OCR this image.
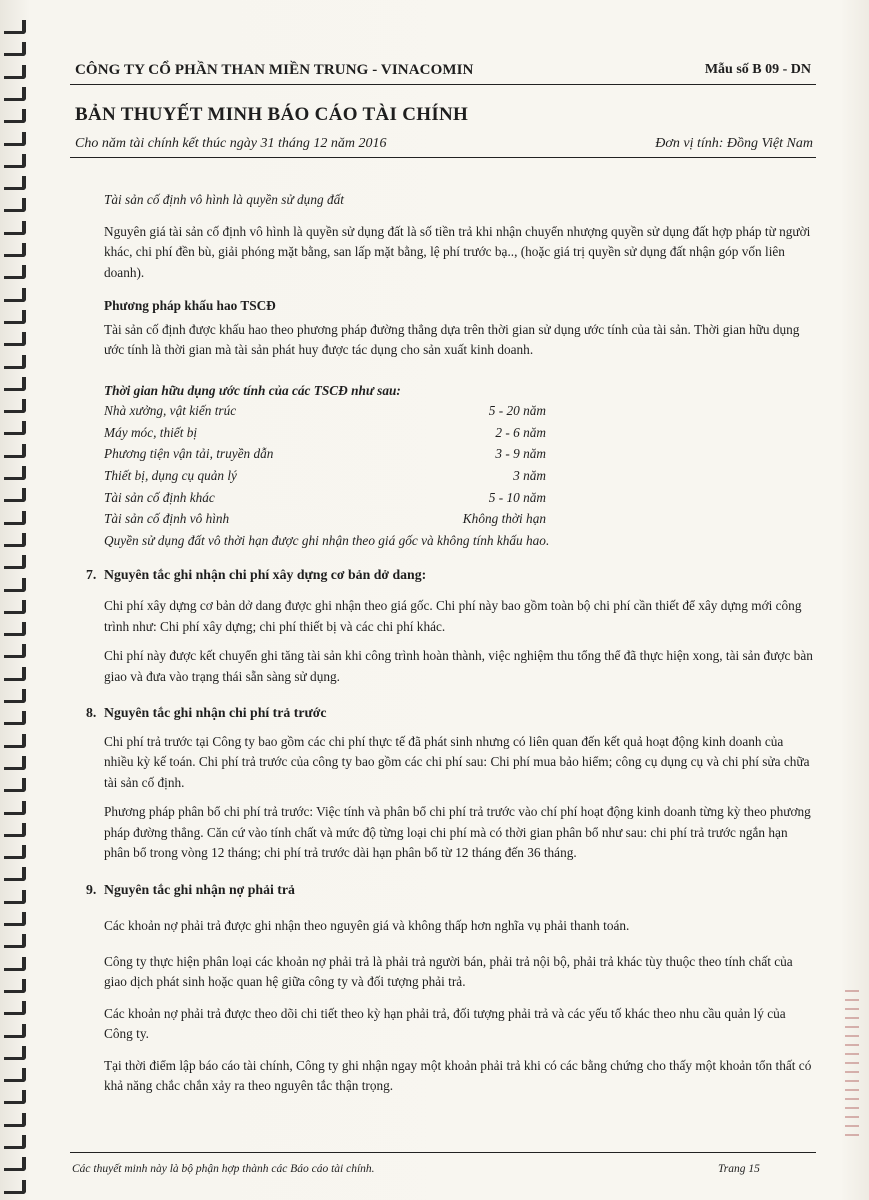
CÔNG TY CỔ PHẦN THAN MIỀN TRUNG - VINACOMIN	Mẫu số B 09 - DN
BẢN THUYẾT MINH BÁO CÁO TÀI CHÍNH
Cho năm tài chính kết thúc ngày 31 tháng 12 năm 2016	Đơn vị tính: Đồng Việt Nam

Tài sản cố định vô hình là quyền sử dụng đất

Nguyên giá tài sản cố định vô hình là quyền sử dụng đất là số tiền trả khi nhận chuyển nhượng quyền sử dụng đất hợp pháp từ người khác, chi phí đền bù, giải phóng mặt bằng, san lấp mặt bằng, lệ phí trước bạ.., (hoặc giá trị quyền sử dụng đất nhận góp vốn liên doanh).

Phương pháp khấu hao TSCĐ

Tài sản cố định được khấu hao theo phương pháp đường thẳng dựa trên thời gian sử dụng ước tính của tài sản. Thời gian hữu dụng ước tính là thời gian mà tài sản phát huy được tác dụng cho sản xuất kinh doanh.

Thời gian hữu dụng ước tính của các TSCĐ như sau:

Nhà xưởng, vật kiến trúc	5 - 20 năm
Máy móc, thiết bị	2 - 6 năm
Phương tiện vận tải, truyền dẫn	3 - 9 năm
Thiết bị, dụng cụ quản lý	3 năm
Tài sản cố định khác	5 - 10 năm
Tài sản cố định vô hình	Không thời hạn

Quyền sử dụng đất vô thời hạn được ghi nhận theo giá gốc và không tính khấu hao.

7. Nguyên tắc ghi nhận chi phí xây dựng cơ bản dở dang:

Chi phí xây dựng cơ bản dở dang được ghi nhận theo giá gốc. Chi phí này bao gồm toàn bộ chi phí cần thiết để xây dựng mới công trình như: Chi phí xây dựng; chi phí thiết bị và các chi phí khác.

Chi phí này được kết chuyển ghi tăng tài sản khi công trình hoàn thành, việc nghiệm thu tổng thể đã thực hiện xong, tài sản được bàn giao và đưa vào trạng thái sẵn sàng sử dụng.

8. Nguyên tắc ghi nhận chi phí trả trước

Chi phí trả trước tại Công ty bao gồm các chi phí thực tế đã phát sinh nhưng có liên quan đến kết quả hoạt động kinh doanh của nhiều kỳ kế toán. Chi phí trả trước của công ty bao gồm các chi phí sau: Chi phí mua bảo hiểm; công cụ dụng cụ và chi phí sửa chữa tài sản cố định.

Phương pháp phân bổ chi phí trả trước: Việc tính và phân bổ chi phí trả trước vào chí phí hoạt động kinh doanh từng kỳ theo phương pháp đường thẳng. Căn cứ vào tính chất và mức độ từng loại chi phí mà có thời gian phân bổ như sau: chi phí trả trước ngắn hạn phân bổ trong vòng 12 tháng; chi phí trả trước dài hạn phân bổ từ 12 tháng đến 36 tháng.

9. Nguyên tắc ghi nhận nợ phải trả

Các khoản nợ phải trả được ghi nhận theo nguyên giá và không thấp hơn nghĩa vụ phải thanh toán.

Công ty thực hiện phân loại các khoản nợ phải trả là phải trả người bán, phải trả nội bộ, phải trả khác tùy thuộc theo tính chất của giao dịch phát sinh hoặc quan hệ giữa công ty và đối tượng phải trả.

Các khoản nợ phải trả được theo dõi chi tiết theo kỳ hạn phải trả, đối tượng phải trả và các yếu tố khác theo nhu cầu quản lý của Công ty.

Tại thời điểm lập báo cáo tài chính, Công ty ghi nhận ngay một khoản phải trả khi có các bằng chứng cho thấy một khoản tổn thất có khả năng chắc chắn xảy ra theo nguyên tắc thận trọng.

Các thuyết minh này là bộ phận hợp thành các Báo cáo tài chính.	Trang 15
